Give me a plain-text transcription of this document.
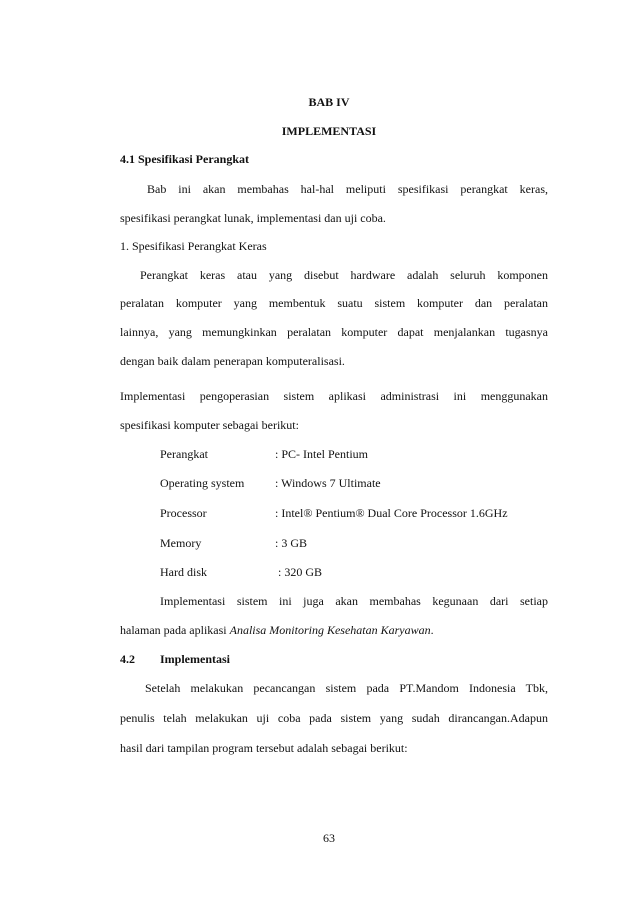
BAB IV
IMPLEMENTASI
4.1 Spesifikasi Perangkat
Bab ini akan membahas hal-hal meliputi spesifikasi perangkat keras,
spesifikasi perangkat lunak, implementasi dan uji coba.
1. Spesifikasi Perangkat Keras
Perangkat keras atau yang disebut hardware adalah seluruh komponen
peralatan komputer yang membentuk suatu sistem komputer dan peralatan
lainnya, yang memungkinkan peralatan komputer dapat menjalankan tugasnya
dengan baik dalam penerapan komputeralisasi.
Implementasi pengoperasian sistem aplikasi administrasi ini menggunakan
spesifikasi komputer sebagai berikut:
Perangkat	: PC- Intel Pentium
Operating system	: Windows 7 Ultimate
Processor	: Intel® Pentium® Dual Core Processor 1.6GHz
Memory	: 3 GB
Hard disk	: 320 GB
Implementasi sistem ini juga akan membahas kegunaan dari setiap
halaman pada aplikasi Analisa Monitoring Kesehatan Karyawan.
4.2 Implementasi
Setelah melakukan pecancangan sistem pada PT.Mandom Indonesia Tbk,
penulis telah melakukan uji coba pada sistem yang sudah dirancangan.Adapun
hasil dari tampilan program tersebut adalah sebagai berikut:
63
